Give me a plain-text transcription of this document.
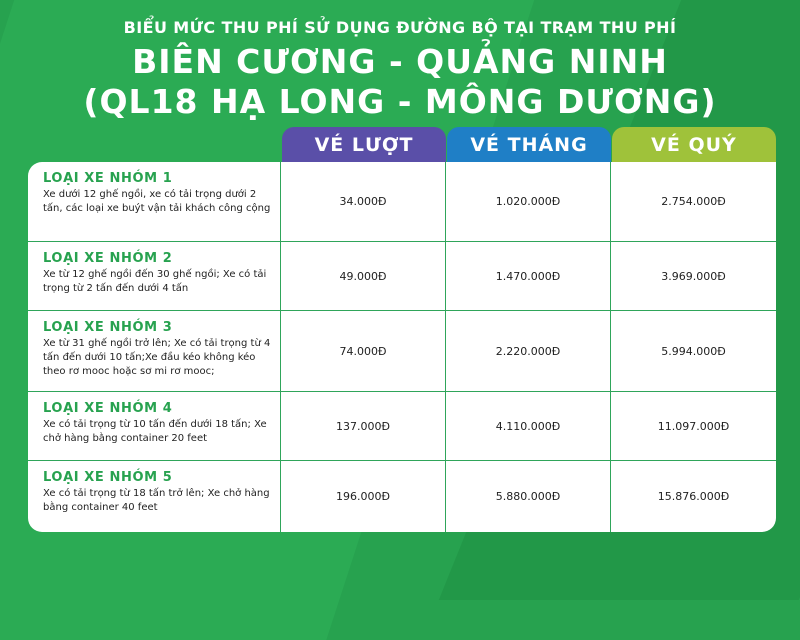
BIỂU MỨC THU PHÍ SỬ DỤNG ĐƯỜNG BỘ TẠI TRẠM THU PHÍ
BIÊN CƯƠNG - QUẢNG NINH
(QL18 HẠ LONG - MÔNG DƯƠNG)
VÉ LƯỢT	VÉ THÁNG	VÉ QUÝ
LOẠI XE NHÓM 1
Xe dưới 12 ghế ngồi, xe có tải trọng dưới 2 tấn, các loại xe buýt vận tải khách công cộng
34.000Đ	1.020.000Đ	2.754.000Đ
LOẠI XE NHÓM 2
Xe từ 12 ghế ngồi đến 30 ghế ngồi; Xe có tải trọng từ 2 tấn đến dưới 4 tấn
49.000Đ	1.470.000Đ	3.969.000Đ
LOẠI XE NHÓM 3
Xe từ 31 ghế ngồi trở lên; Xe có tải trọng từ 4 tấn đến dưới 10 tấn;Xe đầu kéo không kéo theo rơ mooc hoặc sơ mi rơ mooc;
74.000Đ	2.220.000Đ	5.994.000Đ
LOẠI XE NHÓM 4
Xe có tải trọng từ 10 tấn đến dưới 18 tấn; Xe chở hàng bằng container 20 feet
137.000Đ	4.110.000Đ	11.097.000Đ
LOẠI XE NHÓM 5
Xe có tải trọng từ 18 tấn trở lên; Xe chở hàng bằng container 40 feet
196.000Đ	5.880.000Đ	15.876.000Đ
